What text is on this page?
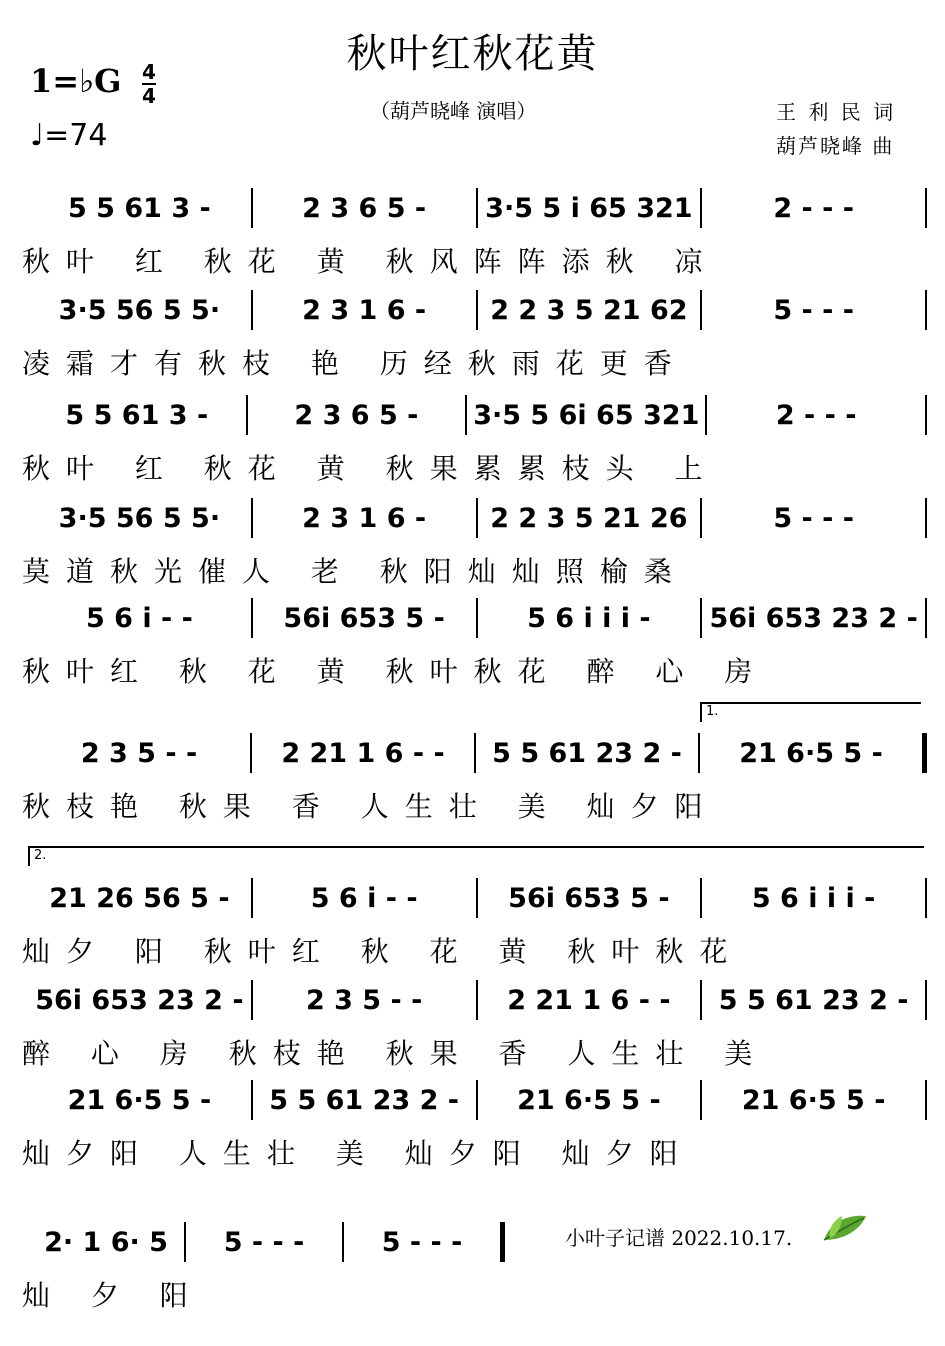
秋叶红秋花黄
（葫芦晓峰 演唱）
1=♭G 4
4
♩=74
王 利 民 词
葫芦晓峰 曲
5 5 61 3 -	2 3 6 5 -	3·5 5 i 65 321	2 - - -
秋叶 红 秋花 黄 秋风阵阵添秋 凉
3·5 56 5 5·	2 3 1 6 -	2 2 3 5 21 62	5 - - -
凌霜才有秋枝 艳 历经秋雨花更香
5 5 61 3 -	2 3 6 5 -	3·5 5 6i 65 321	2 - - -
秋叶 红 秋花 黄 秋果累累枝头 上
3·5 56 5 5·	2 3 1 6 -	2 2 3 5 21 26	5 - - -
莫道秋光催人 老 秋阳灿灿照榆桑
5 6 i - -	56i 653 5 -	5 6 i i i -	56i 653 23 2 -
秋叶红 秋 花 黄 秋叶秋花 醉 心 房
2 3 5 - -	2 21 1 6 - -	5 5 61 23 2 -	21 6·5 5 -
秋枝艳 秋果 香 人生壮 美 灿夕阳
21 26 56 5 -	5 6 i - -	56i 653 5 -	5 6 i i i -
灿夕 阳 秋叶红 秋 花 黄 秋叶秋花
56i 653 23 2 -	2 3 5 - -	2 21 1 6 - -	5 5 61 23 2 -
醉 心 房 秋枝艳 秋果 香 人生壮 美
21 6·5 5 -	5 5 61 23 2 -	21 6·5 5 -	21 6·5 5 -
灿夕阳 人生壮 美 灿夕阳 灿夕阳
2· 1 6· 5	5 - - -	5 - - -
灿 夕 阳
1.
2.
小叶子记谱 2022.10.17.
